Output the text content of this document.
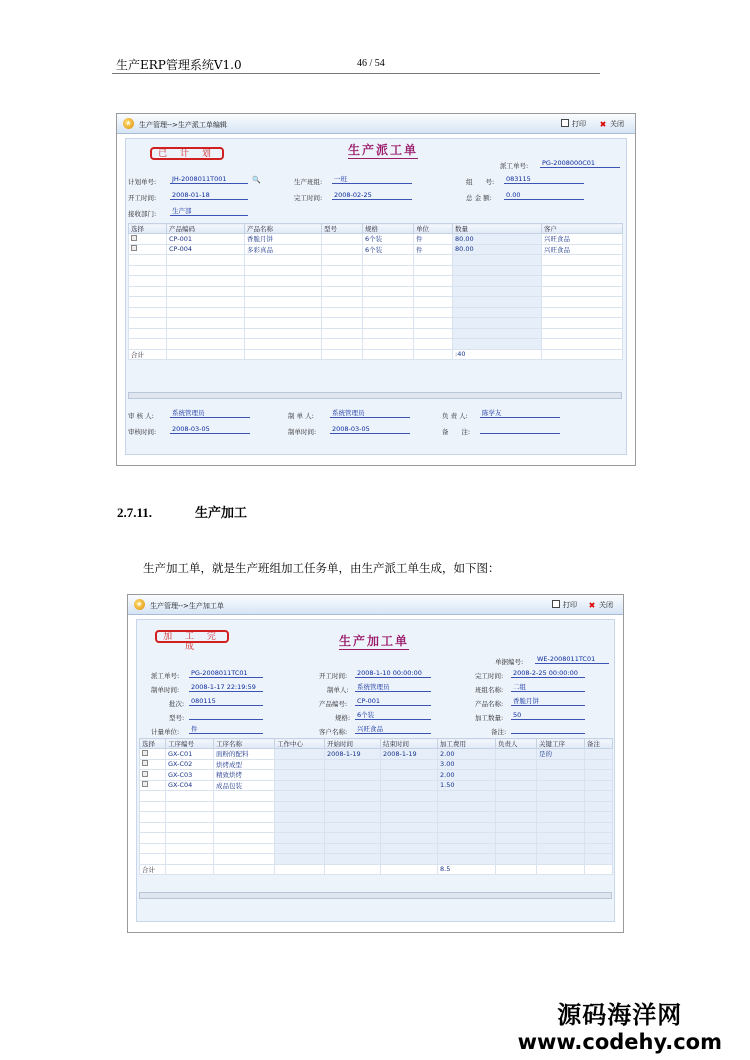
生产ERP管理系统V1.0	46 / 54
★	生产管理-->生产派工单编辑	打印 ✖ 关闭
已 计 划	生产派工单
派工单号:	PG-2008000C01
计划单号:	JH-2008011T001	🔍	生产班组:	一班	组　　号:	083115
开工时间:	2008-01-18	完工时间:	2008-02-25	总 金 额:	0.00
接收部门:	生产部
选择	产品编码	产品名称	型号	规格	单位	数量	客户
	CP-001	香脆月饼		6个装	件	80.00	兴旺食品
	CP-004	多彩真品		6个装	件	80.00	兴旺食品

合计						:40	
审 核 人:	系统管理员	制 单 人:	系统管理员	负 责 人:	陈学友
审核时间:	2008-03-05	制单时间:	2008-03-05	备　　注:
2.7.11.	生产加工
生产加工单，就是生产班组加工任务单，由生产派工单生成，如下图：
★	生产管理-->生产加工单	打印 ✖ 关闭
加 工 完 成	生产加工单
单据编号:	WE-2008011TC01
派工单号:	PG-2008011TC01	开工时间:	2008-1-10 00:00:00	完工时间:	2008-2-25 00:00:00
制单时间:	2008-1-17 22:19:59	制单人:	系统管理员	班组名称:	二组
批次:	080115	产品编号:	CP-001	产品名称:	香脆月饼
型号:	规格:	6个装	加工数量:	50
计量单位:	件	客户名称:	兴旺食品	备注:
选择	工序编号	工序名称	工作中心	开始时间	结束时间	加工费用	负责人	关键工序	备注
	GX-C01	面粉的配料		2008-1-19	2008-1-19	2.00		是的	
	GX-C02	烘烤成型				3.00			
	GX-C03	精致烘烤				2.00			
	GX-C04	成品包装				1.50			

合计						8.5			
源码海洋网
www.codehy.com
